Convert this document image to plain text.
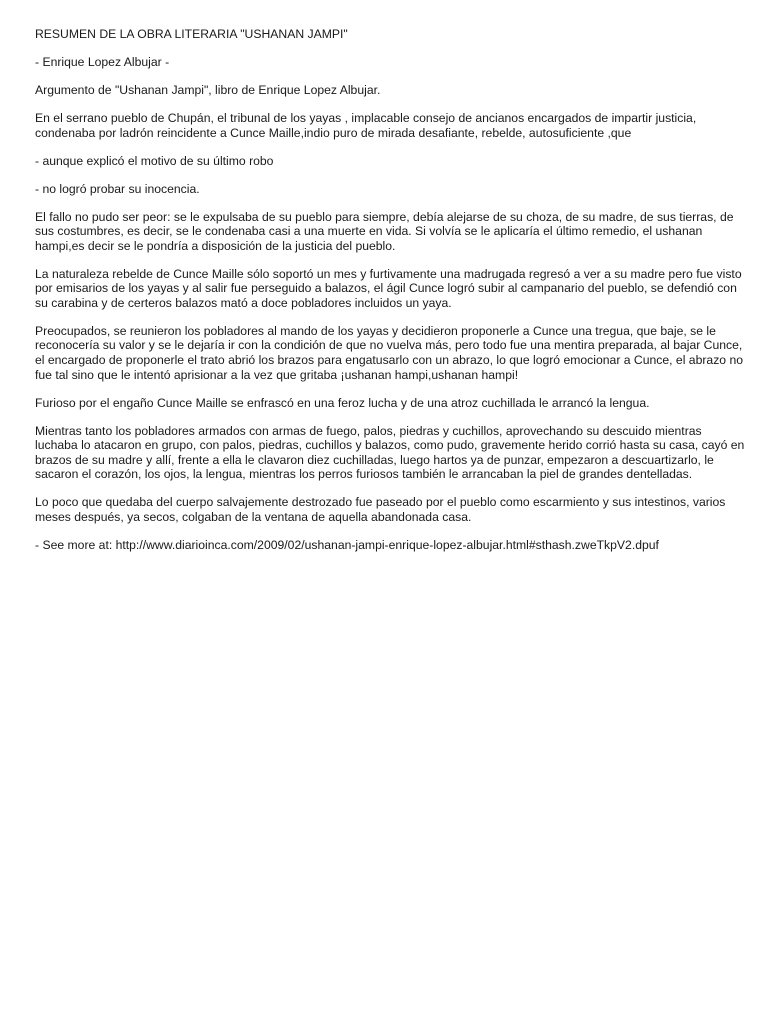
RESUMEN DE LA OBRA LITERARIA "USHANAN JAMPI"

- Enrique Lopez Albujar -

Argumento de "Ushanan Jampi", libro de Enrique Lopez Albujar.

En el serrano pueblo de Chupán, el tribunal de los yayas , implacable consejo de ancianos encargados de impartir justicia, condenaba por ladrón reincidente a Cunce Maille,indio puro de mirada desafiante, rebelde, autosuficiente ,que

- aunque explicó el motivo de su último robo

- no logró probar su inocencia.

El fallo no pudo ser peor: se le expulsaba de su pueblo para siempre, debía alejarse de su choza, de su madre, de sus tierras, de sus costumbres, es decir, se le condenaba casi a una muerte en vida. Si volvía se le aplicaría el último remedio, el ushanan hampi,es decir se le pondría a disposición de la justicia del pueblo.

La naturaleza rebelde de Cunce Maille sólo soportó un mes y furtivamente una madrugada regresó a ver a su madre pero fue visto por emisarios de los yayas y al salir fue perseguido a balazos, el ágil Cunce logró subir al campanario del pueblo, se defendió con su carabina y de certeros balazos mató a doce pobladores incluidos un yaya.

Preocupados, se reunieron los pobladores al mando de los yayas y decidieron proponerle a Cunce una tregua, que baje, se le reconocería su valor y se le dejaría ir con la condición de que no vuelva más, pero todo fue una mentira preparada, al bajar Cunce, el encargado de proponerle el trato abrió los brazos para engatusarlo con un abrazo, lo que logró emocionar a Cunce, el abrazo no fue tal sino que le intentó aprisionar a la vez que gritaba ¡ushanan hampi,ushanan hampi!

Furioso por el engaño Cunce Maille se enfrascó en una feroz lucha y de una atroz cuchillada le arrancó la lengua.

Mientras tanto los pobladores armados con armas de fuego, palos, piedras y cuchillos, aprovechando su descuido mientras luchaba lo atacaron en grupo, con palos, piedras, cuchillos y balazos, como pudo, gravemente herido corrió hasta su casa, cayó en brazos de su madre y allí, frente a ella le clavaron diez cuchilladas, luego hartos ya de punzar, empezaron a descuartizarlo, le sacaron el corazón, los ojos, la lengua, mientras los perros furiosos también le arrancaban la piel de grandes dentelladas.

Lo poco que quedaba del cuerpo salvajemente destrozado fue paseado por el pueblo como escarmiento y sus intestinos, varios meses después, ya secos, colgaban de la ventana de aquella abandonada casa.

- See more at: http://www.diarioinca.com/2009/02/ushanan-jampi-enrique-lopez-albujar.html#sthash.zweTkpV2.dpuf
